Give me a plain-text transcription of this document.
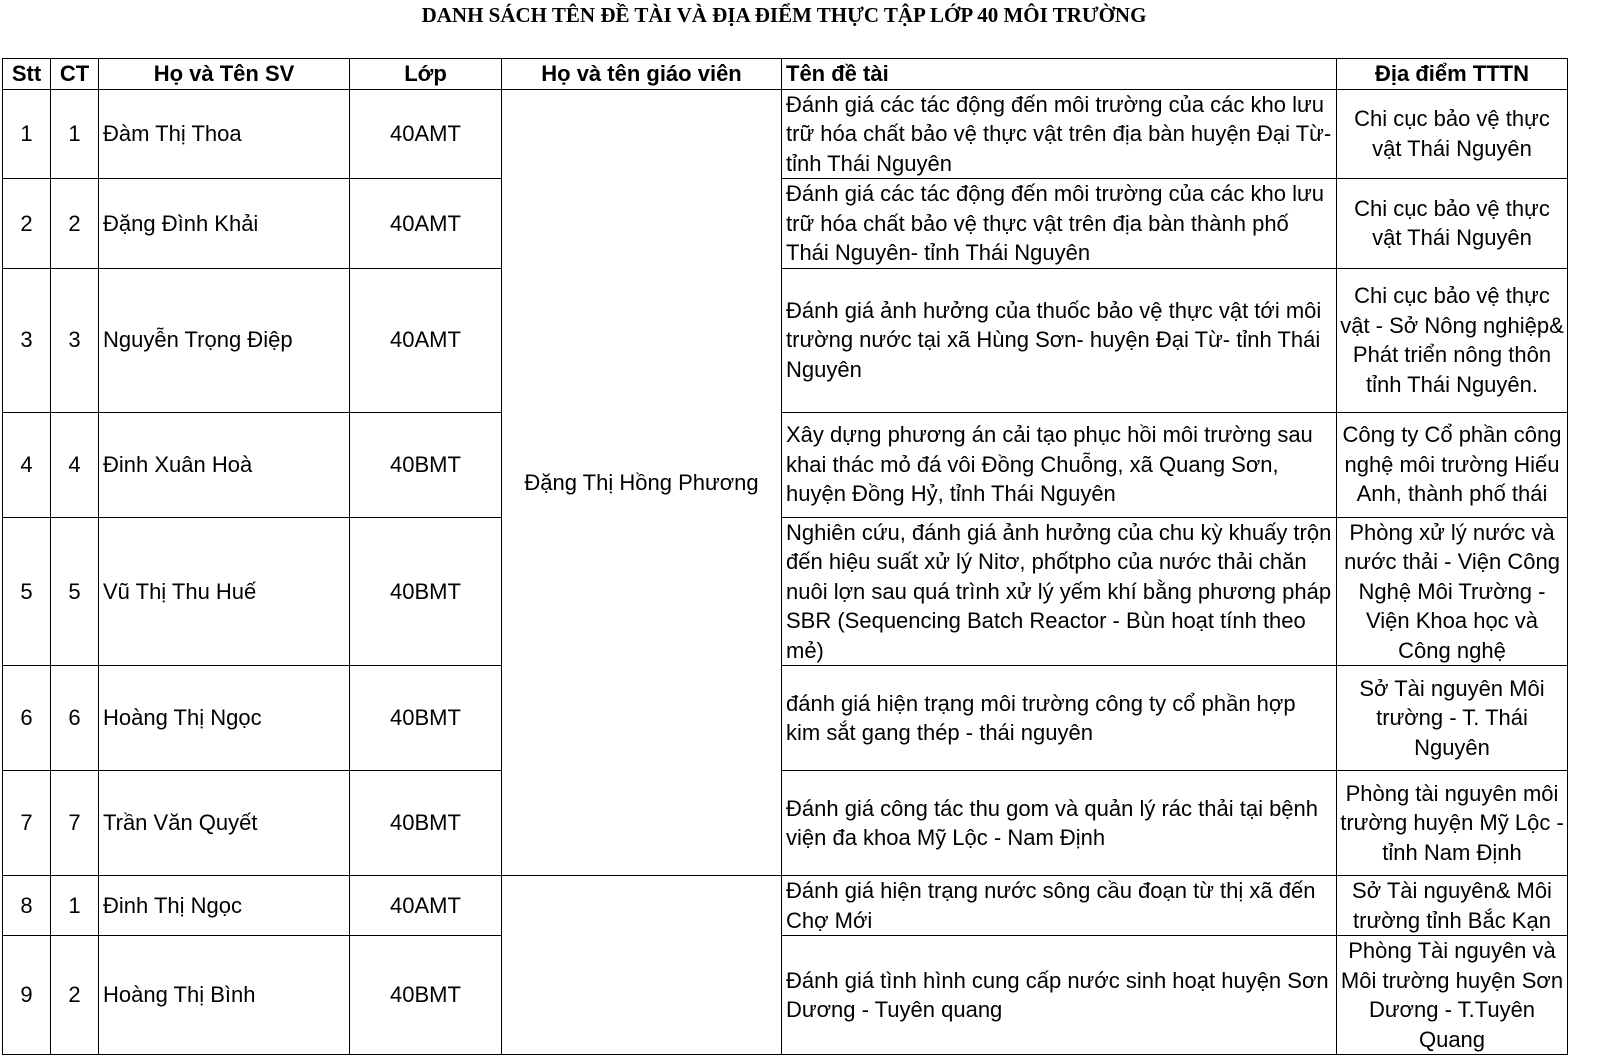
DANH SÁCH TÊN ĐỀ TÀI VÀ ĐỊA ĐIỂM THỰC TẬP LỚP 40 MÔI TRƯỜNG
Stt	CT	Họ và Tên SV	Lớp	Họ và tên giáo viên	Tên đề tài	Địa điểm TTTN
1	1	Đàm Thị Thoa	40AMT	Đặng Thị Hồng Phương	Đánh giá các tác động đến môi trường của các kho lưu trữ hóa chất bảo vệ thực vật trên địa bàn huyện Đại Từ- tỉnh Thái Nguyên	Chi cục bảo vệ thực vật Thái Nguyên
2	2	Đặng Đình Khải	40AMT		Đánh giá các tác động đến môi trường của các kho lưu trữ hóa chất bảo vệ thực vật trên địa bàn thành phố Thái Nguyên- tỉnh Thái Nguyên	Chi cục bảo vệ thực vật Thái Nguyên
3	3	Nguyễn Trọng Điệp	40AMT		Đánh giá ảnh hưởng của thuốc bảo vệ thực vật tới môi trường nước tại xã Hùng Sơn- huyện Đại Từ- tỉnh Thái Nguyên	Chi cục bảo vệ thực vật - Sở Nông nghiệp& Phát triển nông thôn tỉnh Thái Nguyên.
4	4	Đinh Xuân Hoà	40BMT		Xây dựng phương án cải tạo phục hồi môi trường sau khai thác mỏ đá vôi Đồng Chuỗng, xã Quang Sơn, huyện Đồng Hỷ, tỉnh Thái Nguyên	Công ty Cổ phần công nghệ môi trường Hiếu Anh, thành phố thái
5	5	Vũ Thị Thu Huế	40BMT		Nghiên cứu, đánh giá ảnh hưởng của chu kỳ khuấy trộn đến hiệu suất xử lý Nitơ, phốtpho của nước thải chăn nuôi lợn sau quá trình xử lý yếm khí bằng phương pháp SBR (Sequencing Batch Reactor - Bùn hoạt tính theo mẻ)	Phòng xử lý nước và nước thải - Viện Công Nghệ Môi Trường - Viện Khoa học và Công nghệ
6	6	Hoàng Thị Ngọc	40BMT		đánh giá hiện trạng môi trường công ty cổ phần hợp kim sắt gang thép - thái nguyên	Sở Tài nguyên Môi trường - T. Thái Nguyên
7	7	Trần Văn Quyết	40BMT		Đánh giá công tác thu gom và quản lý rác thải tại bệnh viện đa khoa Mỹ Lộc - Nam Định	Phòng tài nguyên môi trường huyện Mỹ Lộc - tỉnh Nam Định
8	1	Đinh Thị Ngọc	40AMT		Đánh giá hiện trạng nước sông cầu đoạn từ thị xã đến Chợ Mới	Sở Tài nguyên& Môi trường tỉnh Bắc Kạn
9	2	Hoàng Thị Bình	40BMT		Đánh giá tình hình cung cấp nước sinh hoạt huyện Sơn Dương - Tuyên quang	Phòng Tài nguyên và Môi trường huyện Sơn Dương - T.Tuyên Quang
